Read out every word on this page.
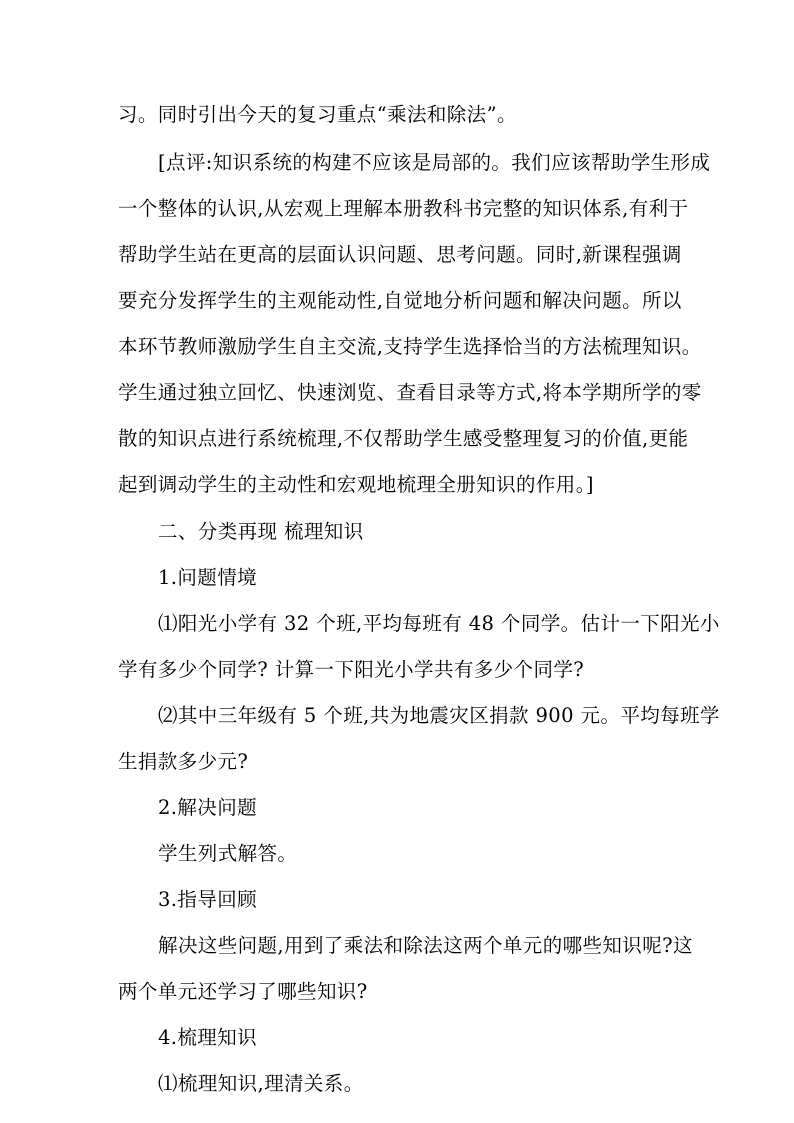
习。同时引出今天的复习重点“乘法和除法”。

[点评:知识系统的构建不应该是局部的。我们应该帮助学生形成

一个整体的认识,从宏观上理解本册教科书完整的知识体系,有利于

帮助学生站在更高的层面认识问题、思考问题。同时,新课程强调

要充分发挥学生的主观能动性,自觉地分析问题和解决问题。所以

本环节教师激励学生自主交流,支持学生选择恰当的方法梳理知识。

学生通过独立回忆、快速浏览、查看目录等方式,将本学期所学的零

散的知识点进行系统梳理,不仅帮助学生感受整理复习的价值,更能

起到调动学生的主动性和宏观地梳理全册知识的作用。]

二、分类再现 梳理知识

1.问题情境

⑴阳光小学有 32 个班,平均每班有 48 个同学。估计一下阳光小

学有多少个同学? 计算一下阳光小学共有多少个同学?

⑵其中三年级有 5 个班,共为地震灾区捐款 900 元。平均每班学

生捐款多少元?

2.解决问题

学生列式解答。

3.指导回顾

解决这些问题,用到了乘法和除法这两个单元的哪些知识呢?这

两个单元还学习了哪些知识?

4.梳理知识

⑴梳理知识,理清关系。
